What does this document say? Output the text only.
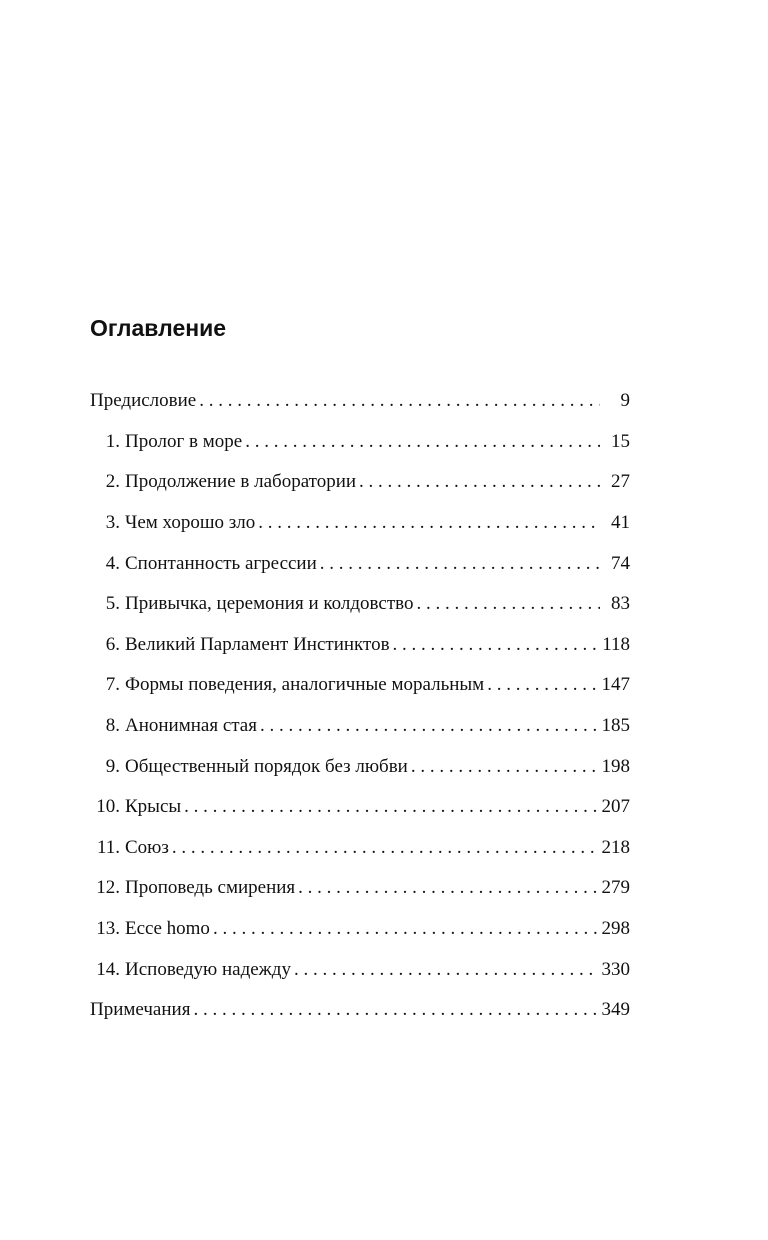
Оглавление
Предисловие . . .	9
1. Пролог в море . . .	15
2. Продолжение в лаборатории . . .	27
3. Чем хорошо зло . . .	41
4. Спонтанность агрессии . . .	74
5. Привычка, церемония и колдовство . . .	83
6. Великий Парламент Инстинктов . . .	118
7. Формы поведения, аналогичные моральным . . .	147
8. Анонимная стая . . .	185
9. Общественный порядок без любви . . .	198
10. Крысы . . .	207
11. Союз . . .	218
12. Проповедь смирения . . .	279
13. Ecce homo . . .	298
14. Исповедую надежду . . .	330
Примечания . . .	349
